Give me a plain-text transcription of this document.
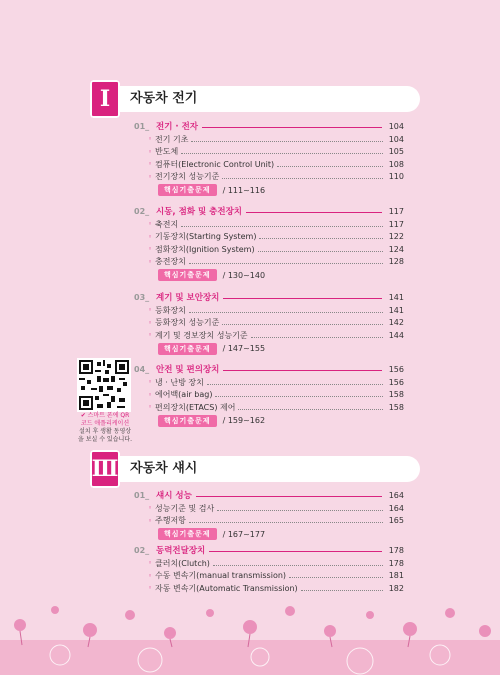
Ⅰ	자동차 전기
01_ 전기 · 전자	104
◦ 전기 기초	104
◦ 반도체	105
◦ 컴퓨터(Electronic Control Unit)	108
◦ 전기장치 성능기준	110
핵심기출문제	/ 111~116
02_ 시동, 점화 및 충전장치	117
◦ 축전지	117
◦ 기동장치(Starting System)	122
◦ 점화장치(Ignition System)	124
◦ 충전장치	128
핵심기출문제	/ 130~140
03_ 계기 및 보안장치	141
◦ 등화장치	141
◦ 등화장치 성능기준	142
◦ 계기 및 경보장치 성능기준	144
핵심기출문제	/ 147~155
04_ 안전 및 편의장치	156
◦ 냉 · 난방 장치	156
◦ 에어백(air bag)	158
◦ 편의장치(ETACS) 제어	158
핵심기출문제	/ 159~162
✔ 스마트 폰에 QR
코드 애플리케이션
설치 후 생활 동영상
을 보실 수 있습니다.
Ⅲ 자동차 섀시
01_ 섀시 성능	164
◦ 성능기준 및 검사	164
◦ 주행저항	165
핵심기출문제	/ 167~177
02_ 동력전달장치	178
◦ 클러치(Clutch)	178
◦ 수동 변속기(manual transmission)	181
◦ 자동 변속기(Automatic Transmission)	182
